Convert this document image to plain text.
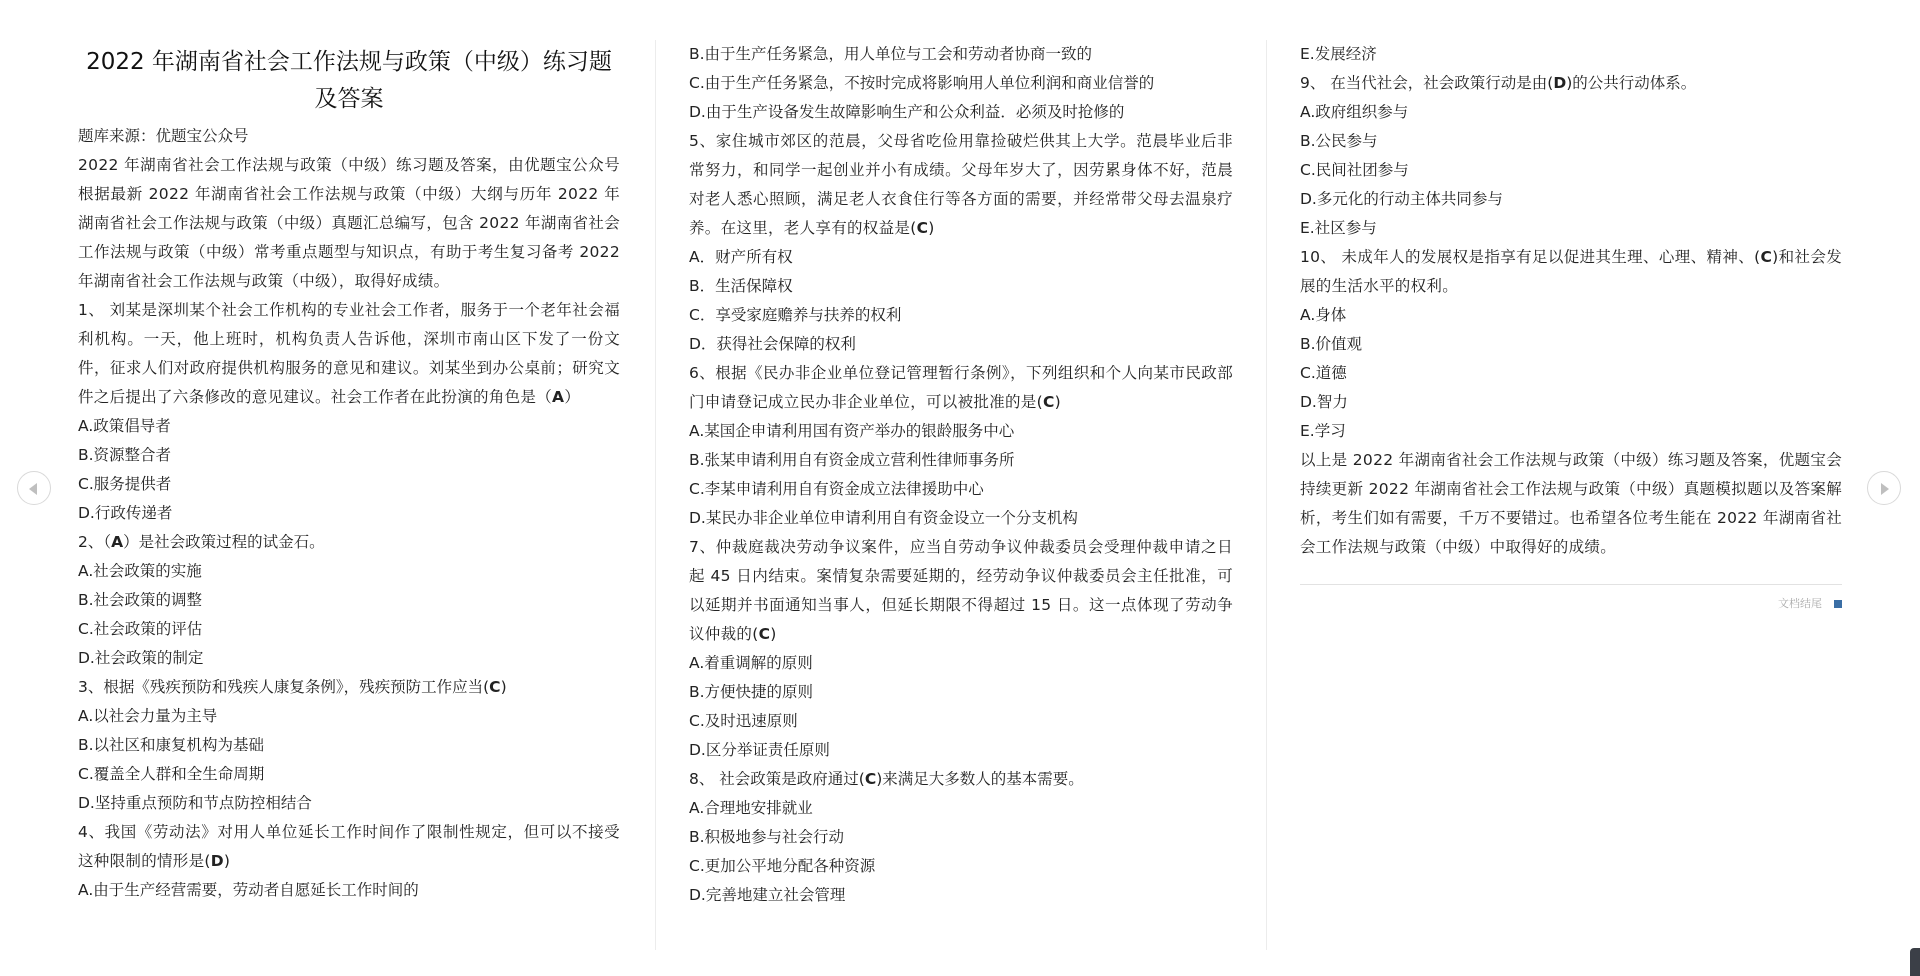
2022 年湖南省社会工作法规与政策（中级）练习题及答案
题库来源：优题宝公众号
2022 年湖南省社会工作法规与政策（中级）练习题及答案，由优题宝公众号根据最新 2022 年湖南省社会工作法规与政策（中级）大纲与历年 2022 年湖南省社会工作法规与政策（中级）真题汇总编写，包含 2022 年湖南省社会工作法规与政策（中级）常考重点题型与知识点，有助于考生复习备考 2022 年湖南省社会工作法规与政策（中级），取得好成绩。
1、 刘某是深圳某个社会工作机构的专业社会工作者，服务于一个老年社会福利机构。一天，他上班时，机构负责人告诉他，深圳市南山区下发了一份文件，征求人们对政府提供机构服务的意见和建议。刘某坐到办公桌前；研究文件之后提出了六条修改的意见建议。社会工作者在此扮演的角色是（A）
A.政策倡导者
B.资源整合者
C.服务提供者
D.行政传递者
2、（A）是社会政策过程的试金石。
A.社会政策的实施
B.社会政策的调整
C.社会政策的评估
D.社会政策的制定
3、根据《残疾预防和残疾人康复条例》，残疾预防工作应当(C)
A.以社会力量为主导
B.以社区和康复机构为基础
C.覆盖全人群和全生命周期
D.坚持重点预防和节点防控相结合
4、我国《劳动法》对用人单位延长工作时间作了限制性规定，但可以不接受这种限制的情形是(D)
A.由于生产经营需要，劳动者自愿延长工作时间的
B.由于生产任务紧急，用人单位与工会和劳动者协商一致的
C.由于生产任务紧急，不按时完成将影响用人单位利润和商业信誉的
D.由于生产设备发生故障影响生产和公众利益．必须及时抢修的
5、家住城市郊区的范晨，父母省吃俭用靠捡破烂供其上大学。范晨毕业后非常努力，和同学一起创业并小有成绩。父母年岁大了，因劳累身体不好，范晨对老人悉心照顾，满足老人衣食住行等各方面的需要，并经常带父母去温泉疗养。在这里，老人享有的权益是(C)
A．财产所有权
B．生活保障权
C．享受家庭赡养与扶养的权利
D．获得社会保障的权利
6、根据《民办非企业单位登记管理暂行条例》，下列组织和个人向某市民政部门申请登记成立民办非企业单位，可以被批准的是(C)
A.某国企申请利用国有资产举办的银龄服务中心
B.张某申请利用自有资金成立营利性律师事务所
C.李某申请利用自有资金成立法律援助中心
D.某民办非企业单位申请利用自有资金设立一个分支机构
7、仲裁庭裁决劳动争议案件，应当自劳动争议仲裁委员会受理仲裁申请之日起 45 日内结束。案情复杂需要延期的，经劳动争议仲裁委员会主任批准，可以延期并书面通知当事人，但延长期限不得超过 15 日。这一点体现了劳动争议仲裁的(C)
A.着重调解的原则
B.方便快捷的原则
C.及时迅速原则
D.区分举证责任原则
8、 社会政策是政府通过(C)来满足大多数人的基本需要。
A.合理地安排就业
B.积极地参与社会行动
C.更加公平地分配各种资源
D.完善地建立社会管理
E.发展经济
9、 在当代社会，社会政策行动是由(D)的公共行动体系。
A.政府组织参与
B.公民参与
C.民间社团参与
D.多元化的行动主体共同参与
E.社区参与
10、 未成年人的发展权是指享有足以促进其生理、心理、精神、(C)和社会发展的生活水平的权利。
A.身体
B.价值观
C.道德
D.智力
E.学习
以上是 2022 年湖南省社会工作法规与政策（中级）练习题及答案，优题宝会持续更新 2022 年湖南省社会工作法规与政策（中级）真题模拟题以及答案解析，考生们如有需要，千万不要错过。也希望各位考生能在 2022 年湖南省社会工作法规与政策（中级）中取得好的成绩。
文档结尾
